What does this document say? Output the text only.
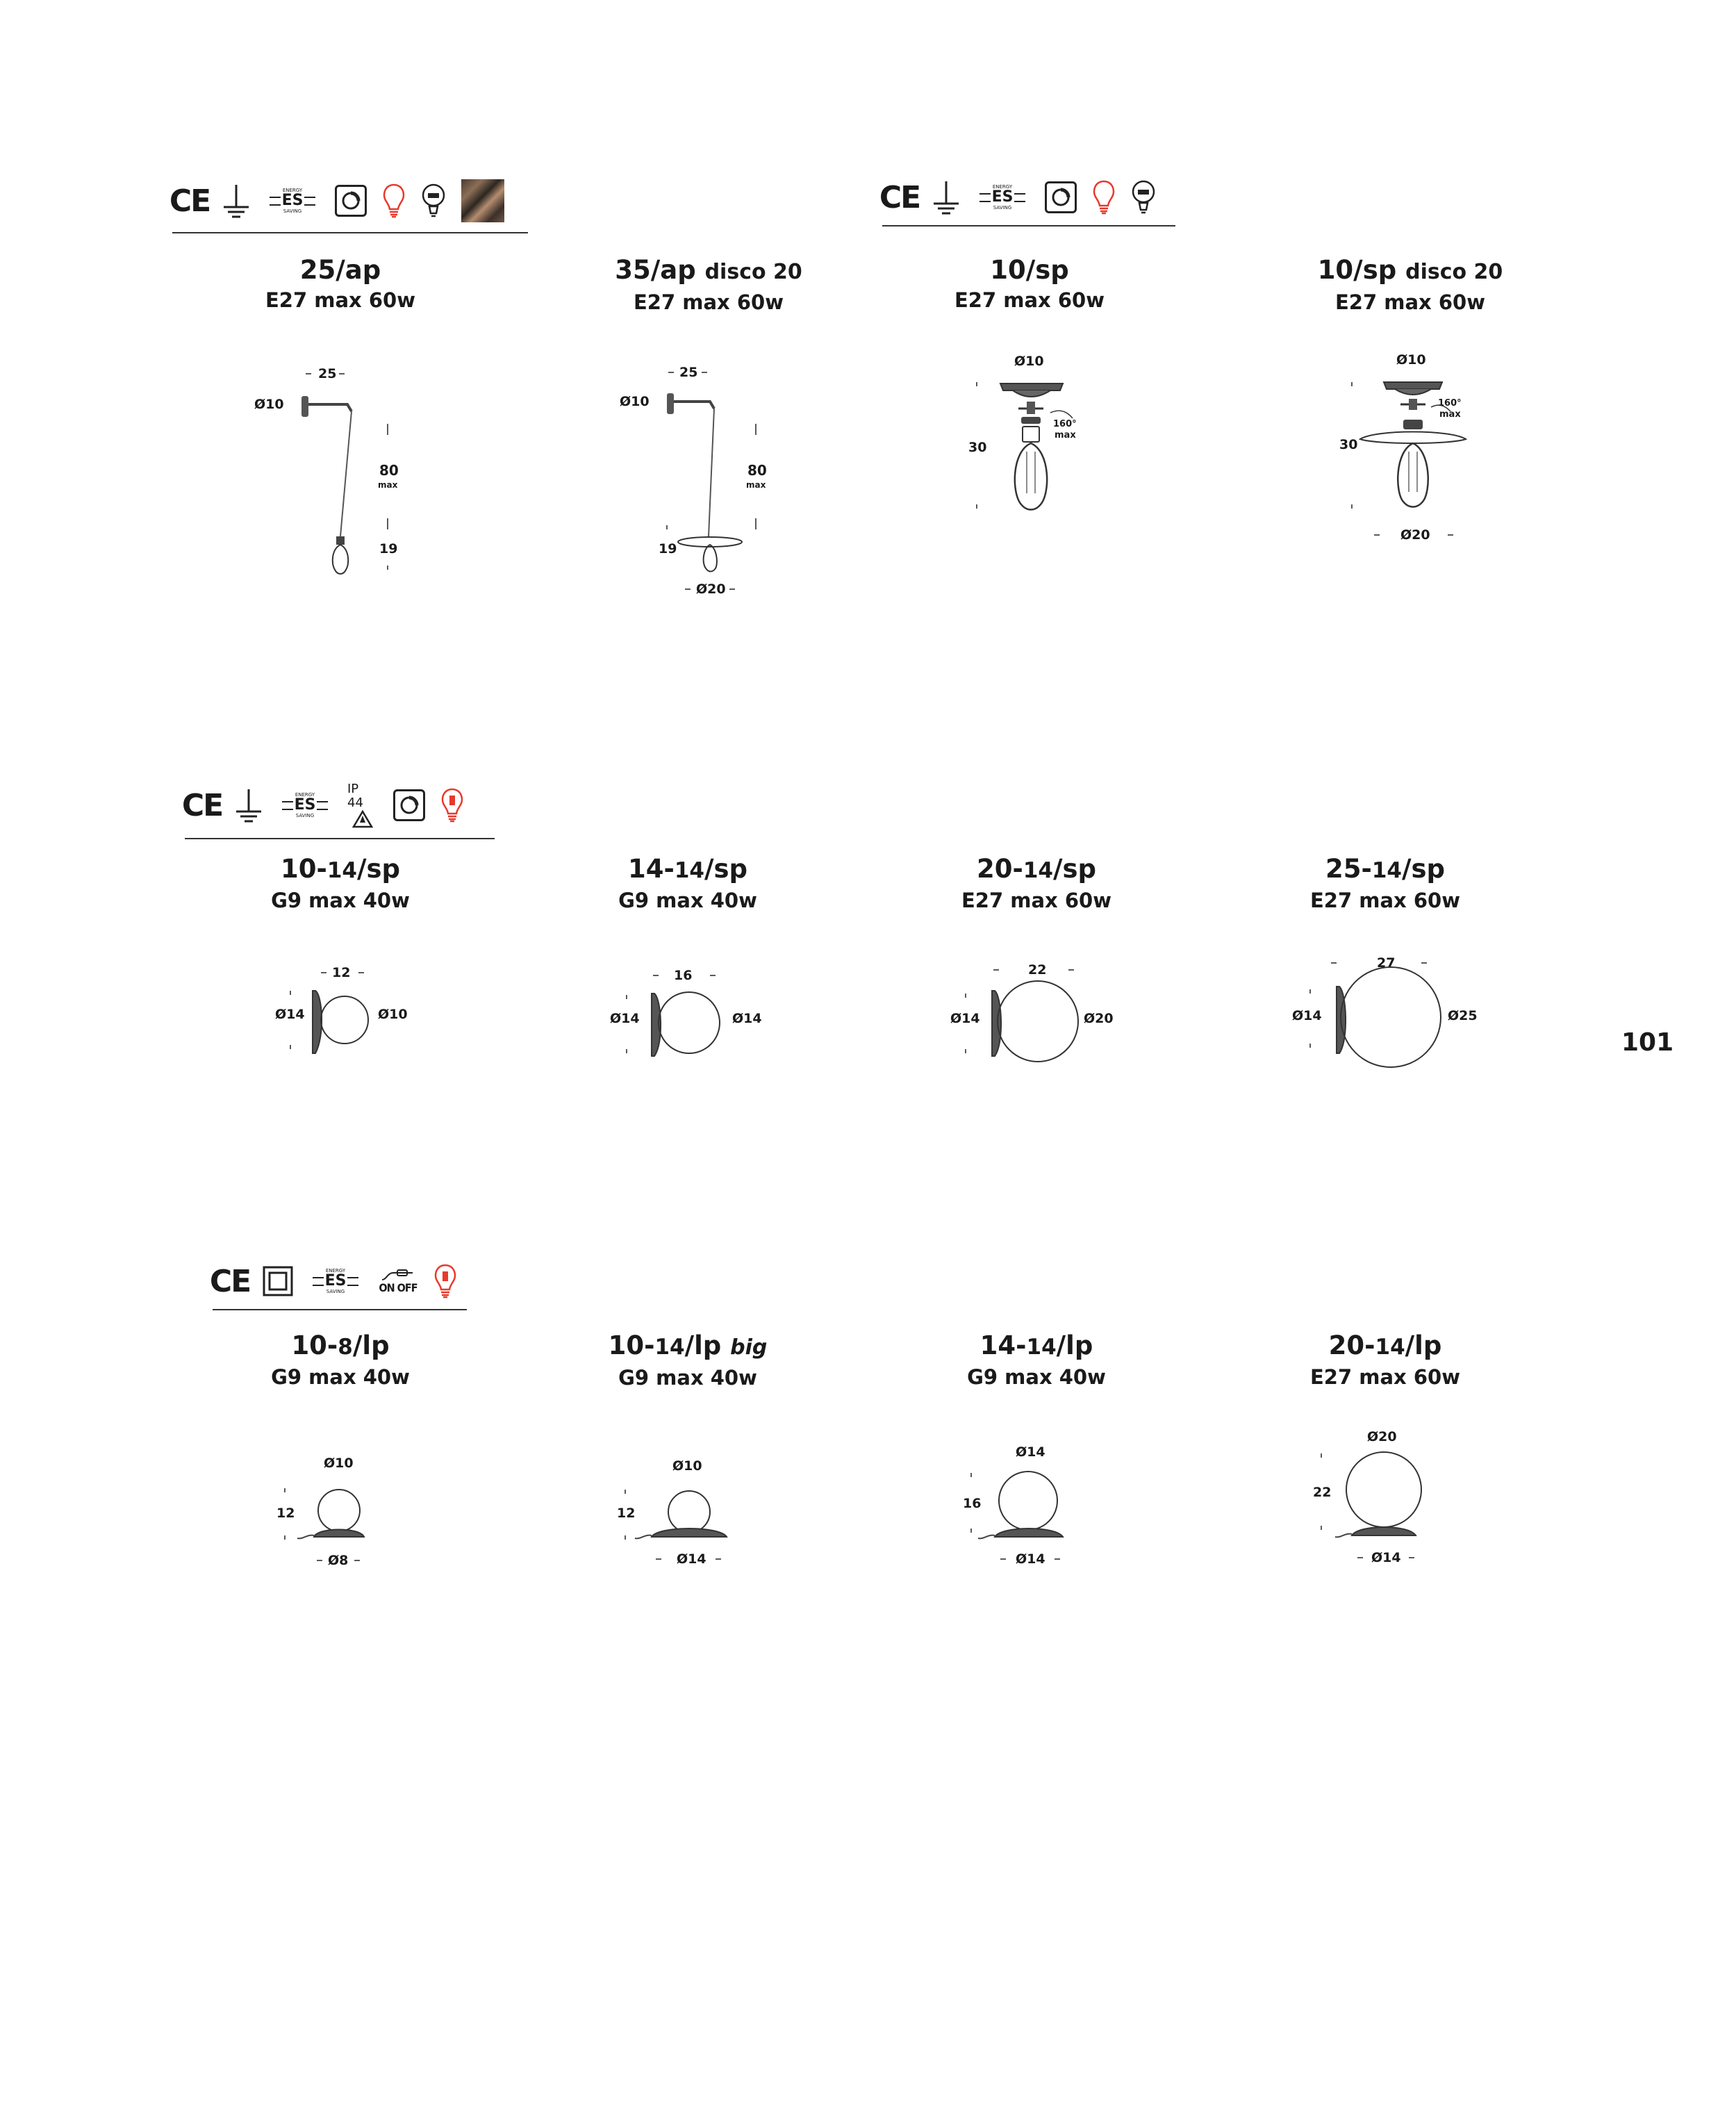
CE	ENERGY
ES
SAVING	CE	ENERGY
ES
SAVING
25/ap
E27 max 60w
35/ap disco 20
E27 max 60w
10/sp
E27 max 60w
10/sp disco 20
E27 max 60w
25
Ø10
80
max
19
25
Ø10
80
max
19
Ø20
Ø10
160°
max
30
Ø10
160°
max
30
Ø20
CE	ENERGY
ES
SAVING
IP 44
10-14/sp
G9 max 40w
14-14/sp
G9 max 40w
20-14/sp
E27 max 60w
25-14/sp
E27 max 60w
12
Ø14	Ø10
16
Ø14	Ø14
22
Ø14	Ø20
27
Ø14	Ø25
CE	ENERGY
ES
SAVING	ON OFF
10-8/lp
G9 max 40w
10-14/lp big
G9 max 40w
14-14/lp
G9 max 40w
20-14/lp
E27 max 60w
Ø10
12
Ø8
Ø10
12
Ø14
Ø14
16
Ø14
Ø20
22
Ø14
101
